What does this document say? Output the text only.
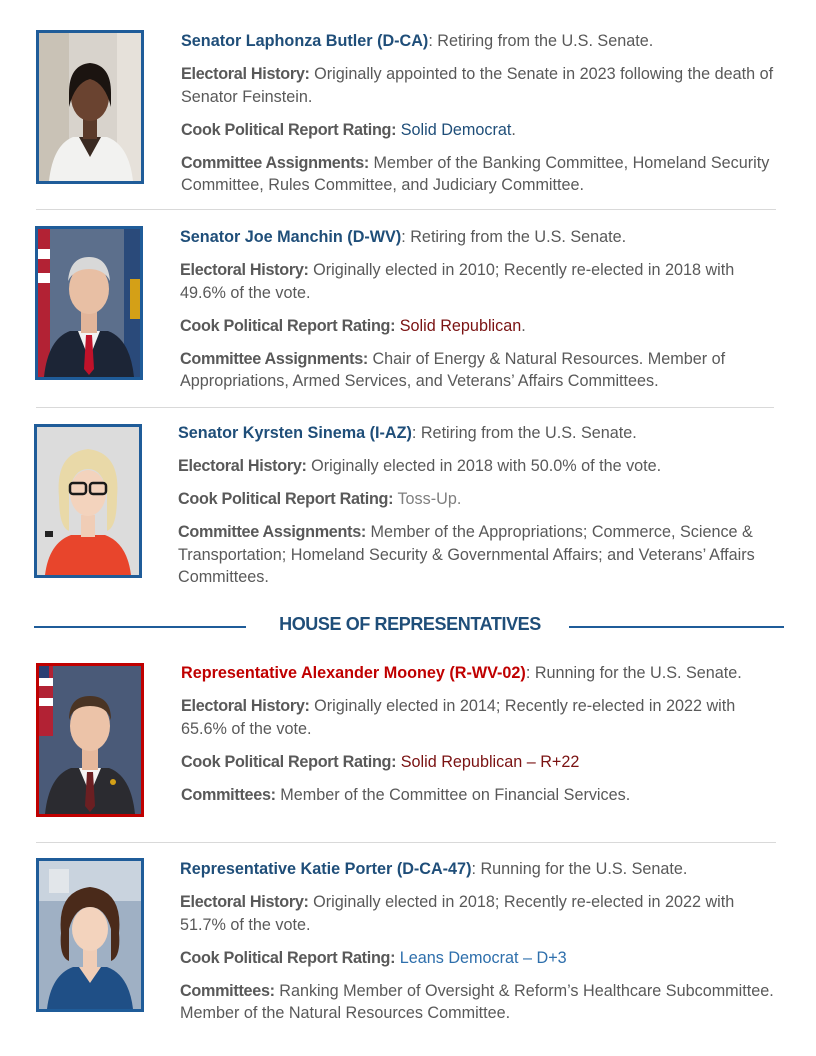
Senator Laphonza Butler (D-CA): Retiring from the U.S. Senate.

Electoral History: Originally appointed to the Senate in 2023 following the death of Senator Feinstein.

Cook Political Report Rating: Solid Democrat.

Committee Assignments: Member of the Banking Committee, Homeland Security Committee, Rules Committee, and Judiciary Committee.

Senator Joe Manchin (D-WV): Retiring from the U.S. Senate.

Electoral History: Originally elected in 2010; Recently re-elected in 2018 with 49.6% of the vote.

Cook Political Report Rating: Solid Republican.

Committee Assignments: Chair of Energy & Natural Resources. Member of Appropriations, Armed Services, and Veterans’ Affairs Committees.

Senator Kyrsten Sinema (I-AZ): Retiring from the U.S. Senate.

Electoral History: Originally elected in 2018 with 50.0% of the vote.

Cook Political Report Rating: Toss-Up.

Committee Assignments: Member of the Appropriations; Commerce, Science & Transportation; Homeland Security & Governmental Affairs; and Veterans’ Affairs Committees.

HOUSE OF REPRESENTATIVES

Representative Alexander Mooney (R-WV-02): Running for the U.S. Senate.

Electoral History: Originally elected in 2014; Recently re-elected in 2022 with 65.6% of the vote.

Cook Political Report Rating: Solid Republican – R+22

Committees: Member of the Committee on Financial Services.

Representative Katie Porter (D-CA-47): Running for the U.S. Senate.

Electoral History: Originally elected in 2018; Recently re-elected in 2022 with 51.7% of the vote.

Cook Political Report Rating: Leans Democrat – D+3

Committees: Ranking Member of Oversight & Reform’s Healthcare Subcommittee. Member of the Natural Resources Committee.
